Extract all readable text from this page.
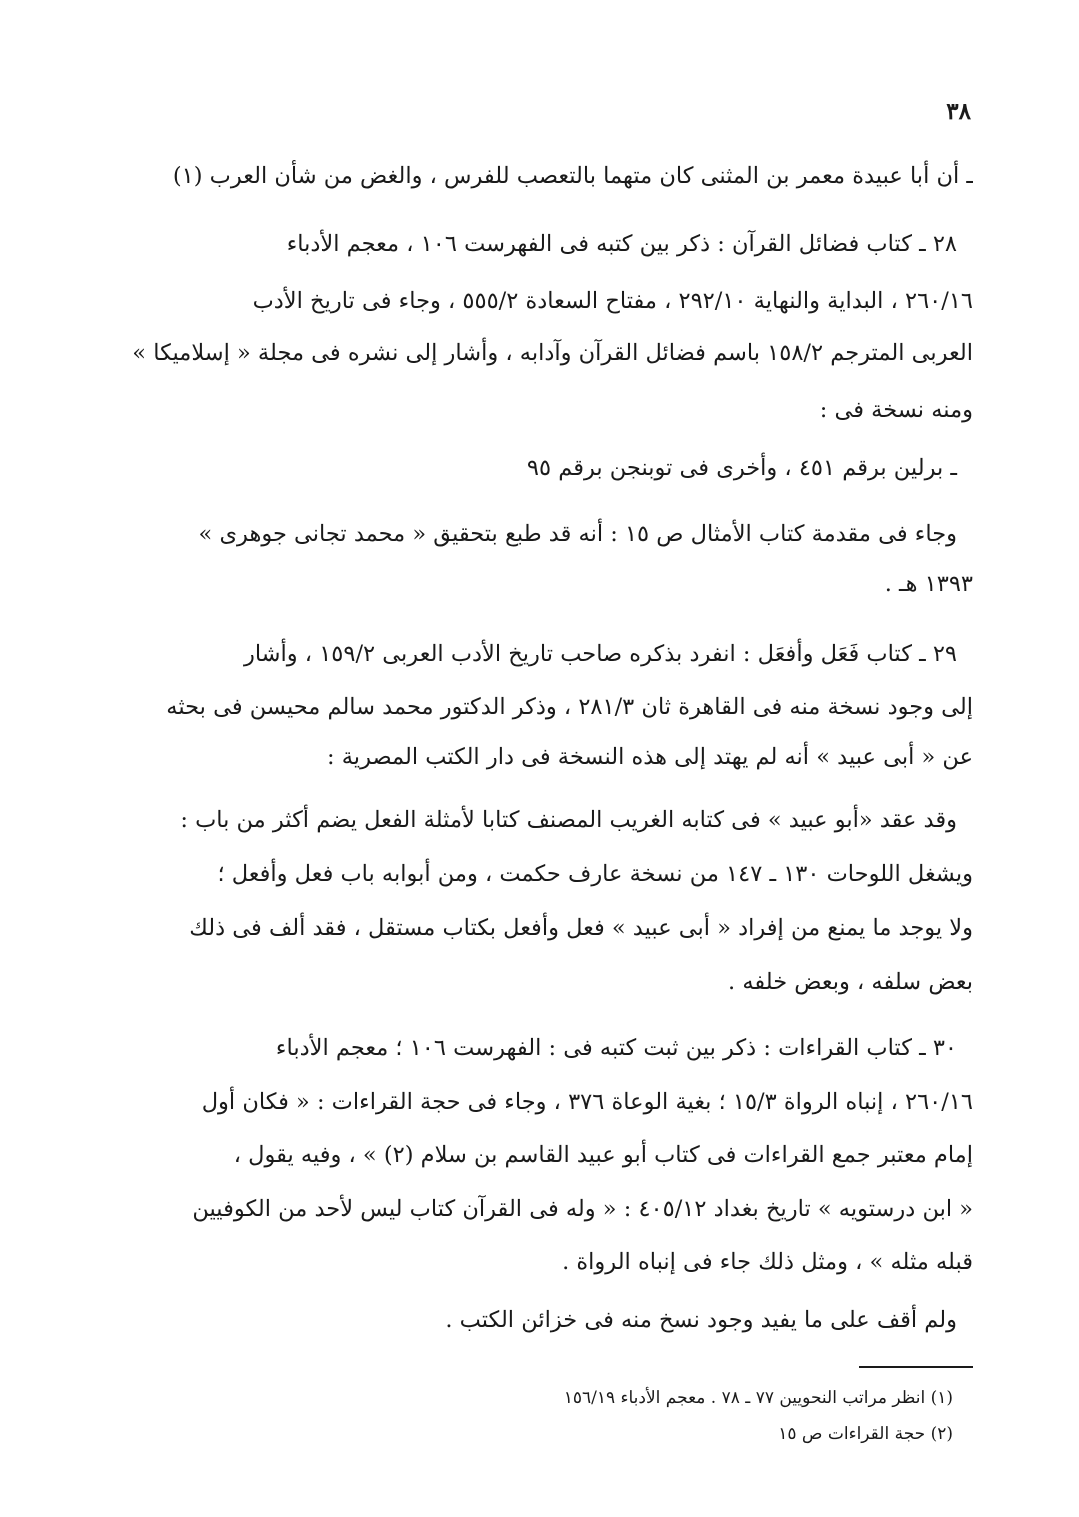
٣٨
ـ أن أبا عبيدة معمر بن المثنى كان متهما بالتعصب للفرس ، والغض من شأن العرب (١)
٢٨ ـ كتاب فضائل القرآن : ذكر بين كتبه فى الفهرست ١٠٦ ، معجم الأدباء
٢٦٠/١٦ ، البداية والنهاية ٢٩٢/١٠ ، مفتاح السعادة ٥٥٥/٢ ، وجاء فى تاريخ الأدب
العربى المترجم ١٥٨/٢ باسم فضائل القرآن وآدابه ، وأشار إلى نشره فى مجلة « إسلاميكا »
ومنه نسخة فى :
ـ برلين برقم ٤٥١ ، وأخرى فى توبنجن برقم ٩٥
وجاء فى مقدمة كتاب الأمثال ص ١٥ : أنه قد طبع بتحقيق « محمد تجانى جوهرى »
١٣٩٣ هـ .
٢٩ ـ كتاب فَعَل وأفعَل : انفرد بذكره صاحب تاريخ الأدب العربى ١٥٩/٢ ، وأشار
إلى وجود نسخة منه فى القاهرة ثان ٢٨١/٣ ، وذكر الدكتور محمد سالم محيسن فى بحثه
عن « أبى عبيد » أنه لم يهتد إلى هذه النسخة فى دار الكتب المصرية :
وقد عقد «أبو عبيد » فى كتابه الغريب المصنف كتابا لأمثلة الفعل يضم أكثر من باب :
ويشغل اللوحات ١٣٠ ـ ١٤٧ من نسخة عارف حكمت ، ومن أبوابه باب فعل وأفعل ؛
ولا يوجد ما يمنع من إفراد « أبى عبيد » فعل وأفعل بكتاب مستقل ، فقد ألف فى ذلك
بعض سلفه ، وبعض خلفه .
٣٠ ـ كتاب القراءات : ذكر بين ثبت كتبه فى : الفهرست ١٠٦ ؛ معجم الأدباء
٢٦٠/١٦ ، إنباه الرواة ١٥/٣ ؛ بغية الوعاة ٣٧٦ ، وجاء فى حجة القراءات : « فكان أول
إمام معتبر جمع القراءات فى كتاب أبو عبيد القاسم بن سلام (٢) » ، وفيه يقول ،
« ابن درستويه » تاريخ بغداد ٤٠٥/١٢ : « وله فى القرآن كتاب ليس لأحد من الكوفيين
قبله مثله » ، ومثل ذلك جاء فى إنباه الرواة .
ولم أقف على ما يفيد وجود نسخ منه فى خزائن الكتب .
(١) انظر مراتب النحويين ٧٧ ـ ٧٨ . معجم الأدباء ١٥٦/١٩
(٢) حجة القراءات ص ١٥
